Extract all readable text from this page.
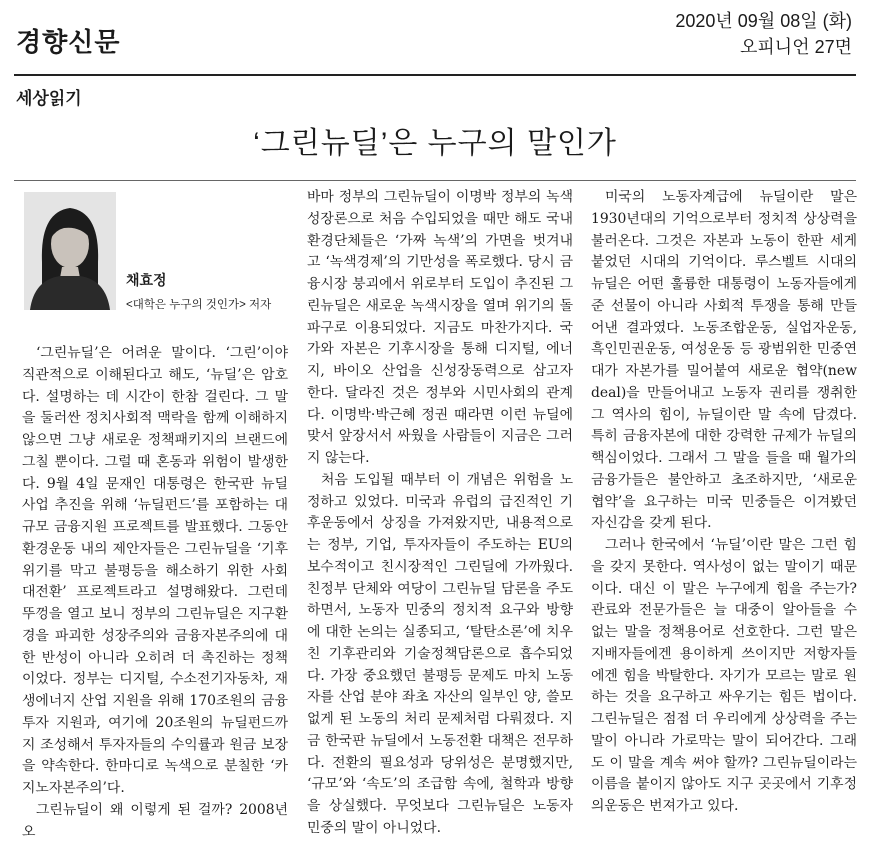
경향신문
2020년 09월 08일 (화)
오피니언 27면
세상읽기
‘그린뉴딜’은 누구의 말인가
채효정
<대학은 누구의 것인가> 저자

‘그린뉴딜’은 어려운 말이다. ‘그린’이야 직관적으로 이해된다고 해도, ‘뉴딜’은 암호다. 설명하는 데 시간이 한참 걸린다. 그 말을 둘러싼 정치사회적 맥락을 함께 이해하지 않으면 그냥 새로운 정책패키지의 브랜드에 그칠 뿐이다. 그럴 때 혼동과 위험이 발생한다. 9월 4일 문재인 대통령은 한국판 뉴딜 사업 추진을 위해 ‘뉴딜펀드’를 포함하는 대규모 금융지원 프로젝트를 발표했다. 그동안 환경운동 내의 제안자들은 그린뉴딜을 ‘기후위기를 막고 불평등을 해소하기 위한 사회 대전환’ 프로젝트라고 설명해왔다. 그런데 뚜껑을 열고 보니 정부의 그린뉴딜은 지구환경을 파괴한 성장주의와 금융자본주의에 대한 반성이 아니라 오히려 더 촉진하는 정책이었다. 정부는 디지털, 수소전기자동차, 재생에너지 산업 지원을 위해 170조원의 금융투자 지원과, 여기에 20조원의 뉴딜펀드까지 조성해서 투자자들의 수익률과 원금 보장을 약속한다. 한마디로 녹색으로 분칠한 ‘카지노자본주의’다.

그린뉴딜이 왜 이렇게 된 걸까? 2008년 오

바마 정부의 그린뉴딜이 이명박 정부의 녹색성장론으로 처음 수입되었을 때만 해도 국내 환경단체들은 ‘가짜 녹색’의 가면을 벗겨내고 ‘녹색경제’의 기만성을 폭로했다. 당시 금융시장 붕괴에서 위로부터 도입이 추진된 그린뉴딜은 새로운 녹색시장을 열며 위기의 돌파구로 이용되었다. 지금도 마찬가지다. 국가와 자본은 기후시장을 통해 디지털, 에너지, 바이오 산업을 신성장동력으로 삼고자 한다. 달라진 것은 정부와 시민사회의 관계다. 이명박·박근혜 정권 때라면 이런 뉴딜에 맞서 앞장서서 싸웠을 사람들이 지금은 그러지 않는다.

처음 도입될 때부터 이 개념은 위험을 노정하고 있었다. 미국과 유럽의 급진적인 기후운동에서 상징을 가져왔지만, 내용적으로는 정부, 기업, 투자자들이 주도하는 EU의 보수적이고 친시장적인 그린딜에 가까웠다. 친정부 단체와 여당이 그린뉴딜 담론을 주도하면서, 노동자 민중의 정치적 요구와 방향에 대한 논의는 실종되고, ‘탈탄소론’에 치우친 기후관리와 기술정책담론으로 흡수되었다. 가장 중요했던 불평등 문제도 마치 노동자를 산업 분야 좌초 자산의 일부인 양, 쓸모없게 된 노동의 처리 문제처럼 다뤄졌다. 지금 한국판 뉴딜에서 노동전환 대책은 전무하다. 전환의 필요성과 당위성은 분명했지만, ‘규모’와 ‘속도’의 조급함 속에, 철학과 방향을 상실했다. 무엇보다 그린뉴딜은 노동자 민중의 말이 아니었다.

미국의 노동자계급에 뉴딜이란 말은 1930년대의 기억으로부터 정치적 상상력을 불러온다. 그것은 자본과 노동이 한판 세게 붙었던 시대의 기억이다. 루스벨트 시대의 뉴딜은 어떤 훌륭한 대통령이 노동자들에게 준 선물이 아니라 사회적 투쟁을 통해 만들어낸 결과였다. 노동조합운동, 실업자운동, 흑인민권운동, 여성운동 등 광범위한 민중연대가 자본가를 밀어붙여 새로운 협약(new deal)을 만들어내고 노동자 권리를 쟁취한 그 역사의 힘이, 뉴딜이란 말 속에 담겼다. 특히 금융자본에 대한 강력한 규제가 뉴딜의 핵심이었다. 그래서 그 말을 들을 때 월가의 금융가들은 불안하고 초조하지만, ‘새로운 협약’을 요구하는 미국 민중들은 이겨봤던 자신감을 갖게 된다.

그러나 한국에서 ‘뉴딜’이란 말은 그런 힘을 갖지 못한다. 역사성이 없는 말이기 때문이다. 대신 이 말은 누구에게 힘을 주는가? 관료와 전문가들은 늘 대중이 알아들을 수 없는 말을 정책용어로 선호한다. 그런 말은 지배자들에겐 용이하게 쓰이지만 저항자들에겐 힘을 박탈한다. 자기가 모르는 말로 원하는 것을 요구하고 싸우기는 힘든 법이다. 그린뉴딜은 점점 더 우리에게 상상력을 주는 말이 아니라 가로막는 말이 되어간다. 그래도 이 말을 계속 써야 할까? 그린뉴딜이라는 이름을 붙이지 않아도 지구 곳곳에서 기후정의운동은 번져가고 있다.
